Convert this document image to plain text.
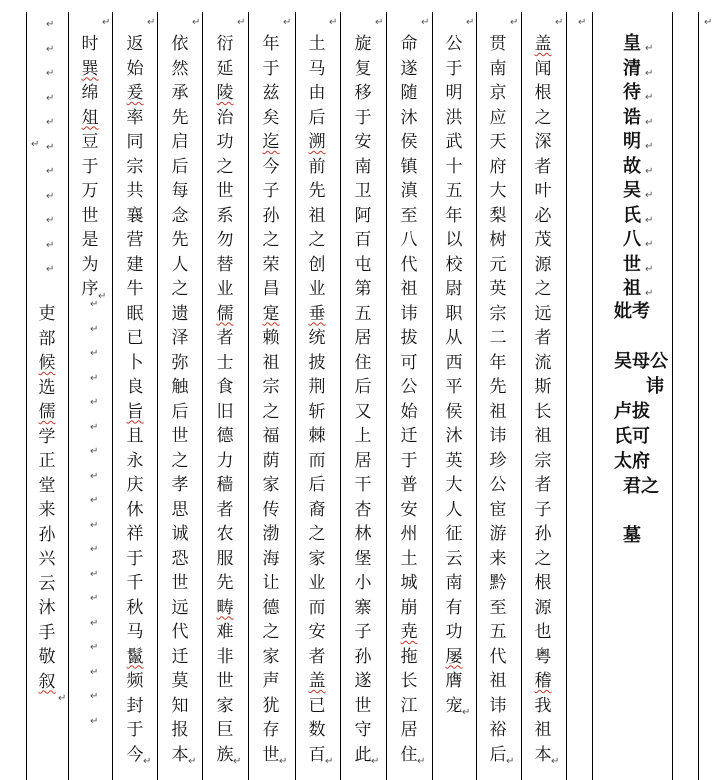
皇
清
待
诰
明
故
吴
氏
八
世
祖
盖
闻
根
之
深
者
叶
必
茂
源
之
远
者
流
斯
长
祖
宗
者
子
孙
之
根
源
也
粤
稽
我
祖
本
贯
南
京
应
天
府
大
梨
树
元
英
宗
二
年
先
祖
讳
珍
公
宦
游
来
黔
至
五
代
祖
讳
裕
后
公
于
明
洪
武
十
五
年
以
校
尉
职
从
西
平
侯
沐
英
大
人
征
云
南
有
功
屡
膺
宠
命
遂
随
沐
侯
镇
滇
至
八
代
祖
讳
拔
可
公
始
迁
于
普
安
州
土
城
崩
尭
拖
长
江
居
住
旋
复
移
于
安
南
卫
阿
百
屯
第
五
居
住
后
又
上
居
干
杏
林
堡
小
寨
子
孙
遂
世
守
此
土
马
由
后
溯
前
先
祖
之
创
业
垂
统
披
荆
斩
棘
而
后
裔
之
家
业
而
安
者
盖
已
数
百
年
于
兹
矣
迄
今
子
孙
之
荣
昌
寔
赖
祖
宗
之
福
荫
家
传
渤
海
让
德
之
家
声
犹
存
世
衍
延
陵
治
功
之
世
系
勿
替
业
儒
者
士
食
旧
德
力
穑
者
农
服
先
畴
难
非
世
家
巨
族
依
然
承
先
启
后
每
念
先
人
之
遗
泽
弥
触
后
世
之
孝
思
诚
恐
世
远
代
迁
莫
知
报
本
返
始
爰
率
同
宗
共
襄
营
建
牛
眠
已
卜
良
旨
且
永
庆
休
祥
于
千
秋
马
鬣
频
封
于
今
时
巽
绵
俎
豆
于
万
世
是
为
序
吏
部
候
选
儒
学
正
堂
来
孙
兴
云
沐
手
敬
叙
↵
↵
↵
↵
↵
↵
↵
↵
↵
↵
↵
妣考
吴母公
讳
卢拔
氏可
太府
君之
墓
↵
↵
↵
↵
↵
↵
↵
↵
↵
↵
↵
↵
↵
↵
↵
↵
↵
↵
↵
↵
↵
↵
↵
↵
↵
↵
↵
↵
↵
↵
↵
↵
↵
↵
↵
↵
↵
↵
↵
↵
↵
↵
↵
↵
↵
↵
↵
↵
↵
↵
↵
↵
↵	↵
↵
